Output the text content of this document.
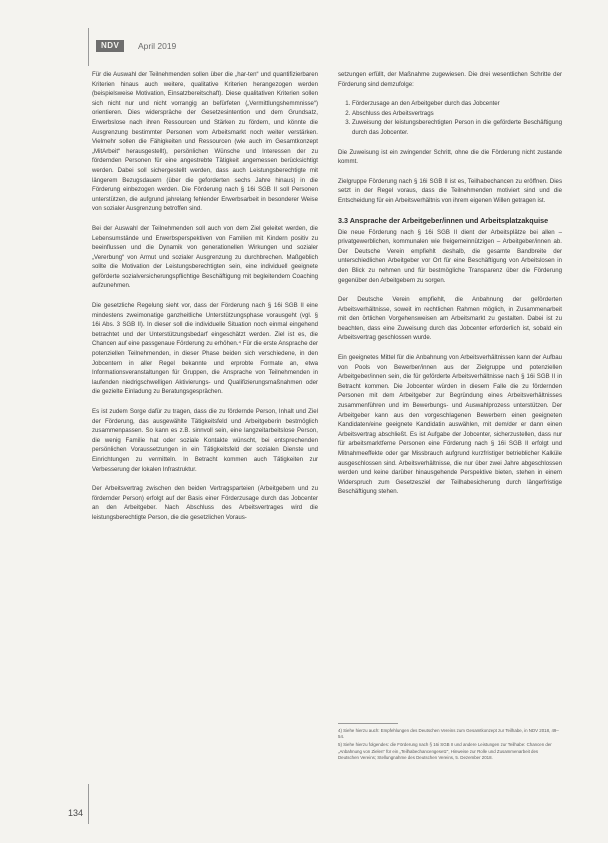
NDV	April 2019

Für die Auswahl der Teilnehmenden sollen über die „har-ten“ und quantifizierbaren Kriterien hinaus auch weitere, qualitative Kriterien herangezogen werden (beispielsweise Motivation, Einsatzbereitschaft). Diese qualitativen Kriterien sollen sich nicht nur und nicht vorrangig an befürfeten („Vermittlungshemmnisse“) orientieren. Dies widerspräche der Gesetzesintention und dem Grundsatz, Erwerbslose nach ihren Ressourcen und Stärken zu fördern, und könnte die Ausgrenzung bestimmter Personen vom Arbeitsmarkt noch weiter verstärken. Vielmehr sollen die Fähigkeiten und Ressourcen (wie auch im Gesamtkonzept „MitArbeit“ herausgestellt), persönlichen Wünsche und Interessen der zu fördernden Personen für eine angestrebte Tätigkeit angemessen berücksichtigt werden. Dabei soll sichergestellt werden, dass auch Leistungsberechtigte mit längerem Bezugsdauern (über die geforderten sechs Jahre hinaus) in die Förderung einbezogen werden. Die Förderung nach § 16i SGB II soll Personen unterstützen, die aufgrund jahrelang fehlender Erwerbsarbeit in besonderer Weise von sozialer Ausgrenzung betroffen sind.

Bei der Auswahl der Teilnehmenden soll auch von dem Ziel geleitet werden, die Lebensumstände und Erwerbsperspektiven von Familien mit Kindern positiv zu beeinflussen und die Dynamik von generationellen Wirkungen und sozialer „Vererbung“ von Armut und sozialer Ausgrenzung zu durchbrechen. Maßgeblich sollte die Motivation der Leistungsberechtigten sein, eine individuell geeignete geförderte sozialversicherungspflichtige Beschäftigung mit begleitendem Coaching aufzunehmen.

Die gesetzliche Regelung sieht vor, dass der Förderung nach § 16i SGB II eine mindestens zweimonatige ganzheitliche Unterstützungsphase vorausgeht (vgl. § 16i Abs. 3 SGB II). In dieser soll die individuelle Situation noch einmal eingehend betrachtet und der Unterstützungsbedarf eingeschätzt werden. Ziel ist es, die Chancen auf eine passgenaue Förderung zu erhöhen.⁴ Für die erste Ansprache der potenziellen Teilnehmenden, in dieser Phase beiden sich verschiedene, in den Jobcentern in aller Regel bekannte und erprobte Formate an, etwa Informationsveranstaltungen für Gruppen, die Ansprache von Teilnehmenden in laufenden niedrigschwelligen Aktivierungs- und Qualifizierungsmaßnahmen oder die gezielte Einladung zu Beratungsgesprächen.

Es ist zudem Sorge dafür zu tragen, dass die zu fördernde Person, Inhalt und Ziel der Förderung, das ausgewählte Tätigkeitsfeld und Arbeitgeberin bestmöglich zusammenpassen. So kann es z.B. sinnvoll sein, eine langzeitarbeitslose Person, die wenig Familie hat oder soziale Kontakte wünscht, bei entsprechenden persönlichen Voraussetzungen in ein Tätigkeitsfeld der sozialen Dienste und Einrichtungen zu vermitteln. In Betracht kommen auch Tätigkeiten zur Verbesserung der lokalen Infrastruktur.

Der Arbeitsvertrag zwischen den beiden Vertragsparteien (Arbeitgebern und zu fördernder Person) erfolgt auf der Basis einer Förderzusage durch das Jobcenter an den Arbeitgeber. Nach Abschluss des Arbeitsvertrages wird die leistungsberechtigte Person, die die gesetzlichen Voraus-

setzungen erfüllt, der Maßnahme zugewiesen. Die drei wesentlichen Schritte der Förderung sind demzufolge:

1. Förderzusage an den Arbeitgeber durch das Jobcenter
2. Abschluss des Arbeitsvertrags
3. Zuweisung der leistungsberechtigten Person in die geförderte Beschäftigung durch das Jobcenter.

Die Zuweisung ist ein zwingender Schritt, ohne die die Förderung nicht zustande kommt.

Zielgruppe Förderung nach § 16i SGB II ist es, Teilhabechancen zu eröffnen. Dies setzt in der Regel voraus, dass die Teilnehmenden motiviert sind und die Entscheidung für ein Arbeitsverhältnis von ihrem eigenen Willen getragen ist.

3.3 Ansprache der Arbeitgeber/innen und Arbeitsplatzakquise

Die neue Förderung nach § 16i SGB II dient der Arbeitsplätze bei allen – privatgewerblichen, kommunalen wie freigemeinnützigen – Arbeitgeber/innen ab. Der Deutsche Verein empfiehlt deshalb, die gesamte Bandbreite der unterschiedlichen Arbeitgeber vor Ort für eine Beschäftigung von Arbeitslosen in den Blick zu nehmen und für bestmögliche Transparenz über die Förderung gegenüber den Arbeitgebern zu sorgen.

Der Deutsche Verein empfiehlt, die Anbahnung der geförderten Arbeitsverhältnisse, soweit im rechtlichen Rahmen möglich, in Zusammenarbeit mit den örtlichen Vorgehensweisen am Arbeitsmarkt zu gestalten. Dabei ist zu beachten, dass eine Zuweisung durch das Jobcenter erforderlich ist, sobald ein Arbeitsvertrag geschlossen wurde.

Ein geeignetes Mittel für die Anbahnung von Arbeitsverhältnissen kann der Aufbau von Pools von Bewerber/innen aus der Zielgruppe und potenziellen Arbeitgeber/innen sein, die für geförderte Arbeitsverhältnisse nach § 16i SGB II in Betracht kommen. Die Jobcenter würden in diesem Falle die zu fördernden Personen mit dem Arbeitgeber zur Begründung eines Arbeitsverhältnisses zusammenführen und im Bewerbungs- und Auswahlprozess unterstützen. Der Arbeitgeber kann aus den vorgeschlagenen Bewerbern einen geeigneten Kandidaten/eine geeignete Kandidatin auswählen, mit dem/der er dann einen Arbeitsvertrag abschließt. Es ist Aufgabe der Jobcenter, sicherzustellen, dass nur für arbeitsmarktferne Personen eine Förderung nach § 16i SGB II erfolgt und Mitnahmeeffekte oder gar Missbrauch aufgrund kurzfristiger betrieblicher Kalküle ausgeschlossen sind. Arbeitsverhältnisse, die nur über zwei Jahre abgeschlossen werden und keine darüber hinausgehende Perspektive bieten, stehen in einem Widerspruch zum Gesetzesziel der Teilhabesicherung durch längerfristige Beschäftigung stehen.

4) Siehe hierzu auch: Empfehlungen des Deutschen Vereins zum Gesamtkonzept zur Teilhabe, in NDV 2018, 49–54.

5) Siehe hierzu folgendes: die Förderung nach § 16i SGB II und andere Leistungen zur Teilhabe: Chancen der „Anbahnung von Zielen“ für ein „Teilhabechancengesetz“, Hinweise zur Rolle und Zusammenarbeit des Deutschen Vereins; Stellungnahme des Deutschen Vereins, 5. Dezember 2018.

134
